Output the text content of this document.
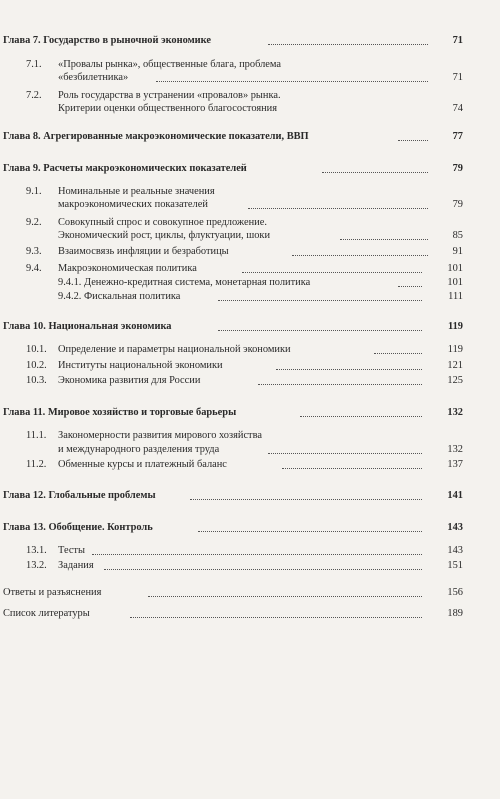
Глава 7. Государство в рыночной экономике	71
7.1. «Провалы рынка», общественные блага, проблема
«безбилетника»	71
7.2. Роль государства в устранении «провалов» рынка.
Критерии оценки общественного благосостояния	74
Глава 8. Агрегированные макроэкономические показатели, ВВП	77
Глава 9. Расчеты макроэкономических показателей	79
9.1. Номинальные и реальные значения
макроэкономических показателей	79
9.2. Совокупный спрос и совокупное предложение.
Экономический рост, циклы, флуктуации, шоки	85
9.3. Взаимосвязь инфляции и безработицы	91
9.4. Макроэкономическая политика	101
9.4.1. Денежно-кредитная система, монетарная политика	101
9.4.2. Фискальная политика	111
Глава 10. Национальная экономика	119
10.1. Определение и параметры национальной экономики	119
10.2. Институты национальной экономики	121
10.3. Экономика развития для России	125
Глава 11. Мировое хозяйство и торговые барьеры	132
11.1. Закономерности развития мирового хозяйства
и международного разделения труда	132
11.2. Обменные курсы и платежный баланс	137
Глава 12. Глобальные проблемы	141
Глава 13. Обобщение. Контроль	143
13.1. Тесты	143
13.2. Задания	151
Ответы и разъяснения	156
Список литературы	189
